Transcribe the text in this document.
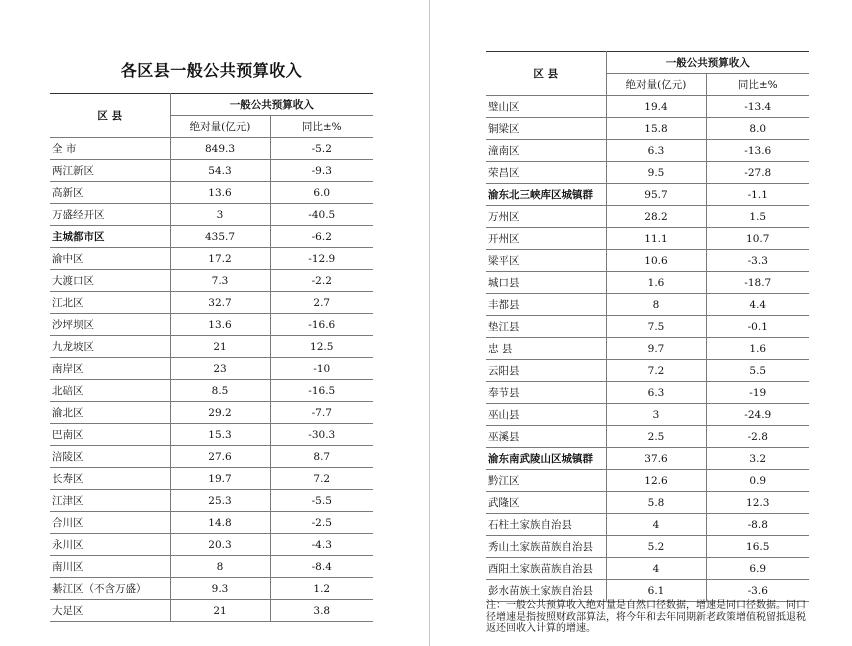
各区县一般公共预算收入
区 县	一般公共预算收入	
	绝对量(亿元)	同比±%
全 市	849.3	-5.2
两江新区	54.3	-9.3
高新区	13.6	6.0
万盛经开区	3	-40.5
主城都市区	435.7	-6.2
渝中区	17.2	-12.9
大渡口区	7.3	-2.2
江北区	32.7	2.7
沙坪坝区	13.6	-16.6
九龙坡区	21	12.5
南岸区	23	-10
北碚区	8.5	-16.5
渝北区	29.2	-7.7
巴南区	15.3	-30.3
涪陵区	27.6	8.7
长寿区	19.7	7.2
江津区	25.3	-5.5
合川区	14.8	-2.5
永川区	20.3	-4.3
南川区	8	-8.4
綦江区（不含万盛）	9.3	1.2
大足区	21	3.8
区 县	一般公共预算收入	
	绝对量(亿元)	同比±%
璧山区	19.4	-13.4
铜梁区	15.8	8.0
潼南区	6.3	-13.6
荣昌区	9.5	-27.8
渝东北三峡库区城镇群	95.7	-1.1
万州区	28.2	1.5
开州区	11.1	10.7
梁平区	10.6	-3.3
城口县	1.6	-18.7
丰都县	8	4.4
垫江县	7.5	-0.1
忠 县	9.7	1.6
云阳县	7.2	5.5
奉节县	6.3	-19
巫山县	3	-24.9
巫溪县	2.5	-2.8
渝东南武陵山区城镇群	37.6	3.2
黔江区	12.6	0.9
武隆区	5.8	12.3
石柱土家族自治县	4	-8.8
秀山土家族苗族自治县	5.2	16.5
酉阳土家族苗族自治县	4	6.9
彭水苗族土家族自治县	6.1	-3.6
注：一般公共预算收入绝对量是自然口径数据，增速是同口径数据。同口径增速是指按照财政部算法，将今年和去年同期新老政策增值税留抵退税返还回收入计算的增速。
